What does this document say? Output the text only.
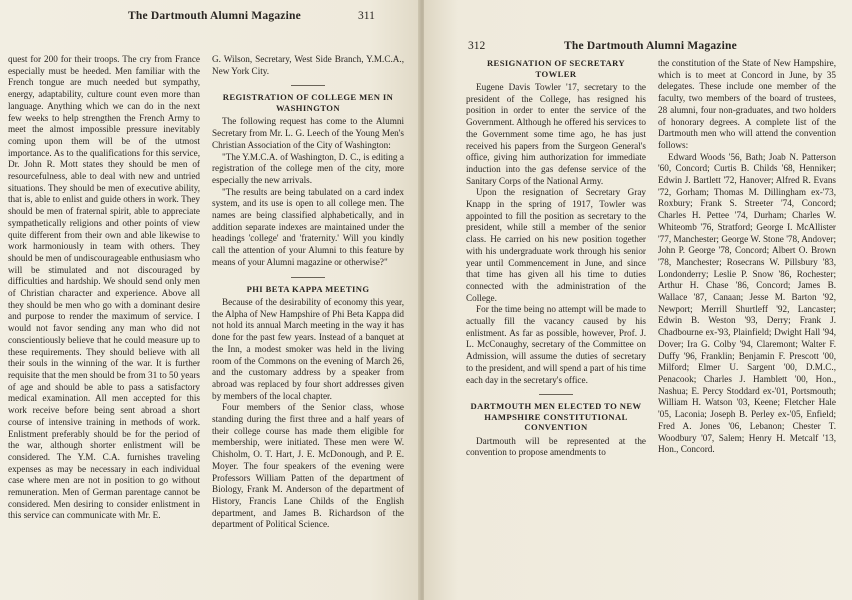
The Dartmouth Alumni Magazine	311

quest for 200 for their troops. The cry from France especially must be heeded. Men familiar with the French tongue are much needed but sympathy, energy, adaptability, culture count even more than language. Anything which we can do in the next few weeks to help strengthen the French Army to meet the almost impossible pressure inevitably coming upon them will be of the utmost importance. As to the qualifications for this service, Dr. John R. Mott states they should be men of resourcefulness, able to deal with new and untried situations. They should be men of executive ability, that is, able to enlist and guide others in work. They should be men of fraternal spirit, able to appreciate sympathetically religions and other points of view quite different from their own and able likewise to work harmoniously in team with others. They should be men of undiscourageable enthusiasm who will be stimulated and not discouraged by difficulties and hardship. We should send only men of Christian character and experience. Above all they should be men who go with a dominant desire and purpose to render the maximum of service. I would not favor sending any man who did not conscientiously believe that he could measure up to these requirements. They should believe with all their souls in the winning of the war. It is further requisite that the men should be from 31 to 50 years of age and should be able to pass a satisfactory medical examination. All men accepted for this work receive before being sent abroad a short course of intensive training in methods of work. Enlistment preferably should be for the period of the war, although shorter enlistment will be considered. The Y.M. C.A. furnishes traveling expenses as may be necessary in each individual case where men are not in position to go without remuneration. Men of German parentage cannot be considered. Men desiring to consider enlistment in this service can communicate with Mr. E.

G. Wilson, Secretary, West Side Branch, Y.M.C.A., New York City.

REGISTRATION OF COLLEGE MEN IN WASHINGTON

The following request has come to the Alumni Secretary from Mr. L. G. Leech of the Young Men's Christian Association of the City of Washington:

"The Y.M.C.A. of Washington, D. C., is editing a registration of the college men of the city, more especially the new arrivals.

"The results are being tabulated on a card index system, and its use is open to all college men. The names are being classified alphabetically, and in addition separate indexes are maintained under the headings 'college' and 'fraternity.' Will you kindly call the attention of your Alumni to this feature by means of your Alumni magazine or otherwise?"

PHI BETA KAPPA MEETING

Because of the desirability of economy this year, the Alpha of New Hampshire of Phi Beta Kappa did not hold its annual March meeting in the way it has done for the past few years. Instead of a banquet at the Inn, a modest smoker was held in the living room of the Commons on the evening of March 26, and the customary address by a speaker from abroad was replaced by four short addresses given by members of the local chapter.

Four members of the Senior class, whose standing during the first three and a half years of their college course has made them eligible for membership, were initiated. These men were W. Chisholm, O. T. Hart, J. E. McDonough, and P. E. Moyer. The four speakers of the evening were Professors William Patten of the department of Biology, Frank M. Anderson of the department of History, Francis Lane Childs of the English department, and James B. Richardson of the department of Political Science.

312	The Dartmouth Alumni Magazine
RESIGNATION OF SECRETARY TOWLER

Eugene Davis Towler '17, secretary to the president of the College, has resigned his position in order to enter the service of the Government. Although he offered his services to the Government some time ago, he has just received his papers from the Surgeon General's office, giving him authorization for immediate induction into the gas defense service of the Sanitary Corps of the National Army.

Upon the resignation of Secretary Gray Knapp in the spring of 1917, Towler was appointed to fill the position as secretary to the president, while still a member of the senior class. He carried on his new position together with his undergraduate work through his senior year until Commencement in June, and since that time has given all his time to duties connected with the administration of the College.

For the time being no attempt will be made to actually fill the vacancy caused by his enlistment. As far as possible, however, Prof. J. L. McConaughy, secretary of the Committee on Admission, will assume the duties of secretary to the president, and will spend a part of his time each day in the secretary's office.

DARTMOUTH MEN ELECTED TO NEW HAMPSHIRE CONSTITUTIONAL CONVENTION

Dartmouth will be represented at the convention to propose amendments to

the constitution of the State of New Hampshire, which is to meet at Concord in June, by 35 delegates. These include one member of the faculty, two members of the board of trustees, 28 alumni, four non-graduates, and two holders of honorary degrees. A complete list of the Dartmouth men who will attend the convention follows:

Edward Woods '56, Bath; Joab N. Patterson '60, Concord; Curtis B. Childs '68, Henniker; Edwin J. Bartlett '72, Hanover; Alfred R. Evans '72, Gorham; Thomas M. Dillingham ex-'73, Roxbury; Frank S. Streeter '74, Concord; Charles H. Pettee '74, Durham; Charles W. Whiteomb '76, Stratford; George I. McAllister '77, Manchester; George W. Stone '78, Andover; John P. George '78, Concord; Albert O. Brown '78, Manchester; Rosecrans W. Pillsbury '83, Londonderry; Leslie P. Snow '86, Rochester; Arthur H. Chase '86, Concord; James B. Wallace '87, Canaan; Jesse M. Barton '92, Newport; Merrill Shurtleff '92, Lancaster; Edwin B. Weston '93, Derry; Frank J. Chadbourne ex-'93, Plainfield; Dwight Hall '94, Dover; Ira G. Colby '94, Claremont; Walter F. Duffy '96, Franklin; Benjamin F. Prescott '00, Milford; Elmer U. Sargent '00, D.M.C., Penacook; Charles J. Hamblett '00, Hon., Nashua; E. Percy Stoddard ex-'01, Portsmouth; William H. Watson '03, Keene; Fletcher Hale '05, Laconia; Joseph B. Perley ex-'05, Enfield; Fred A. Jones '06, Lebanon; Chester T. Woodbury '07, Salem; Henry H. Metcalf '13, Hon., Concord.
